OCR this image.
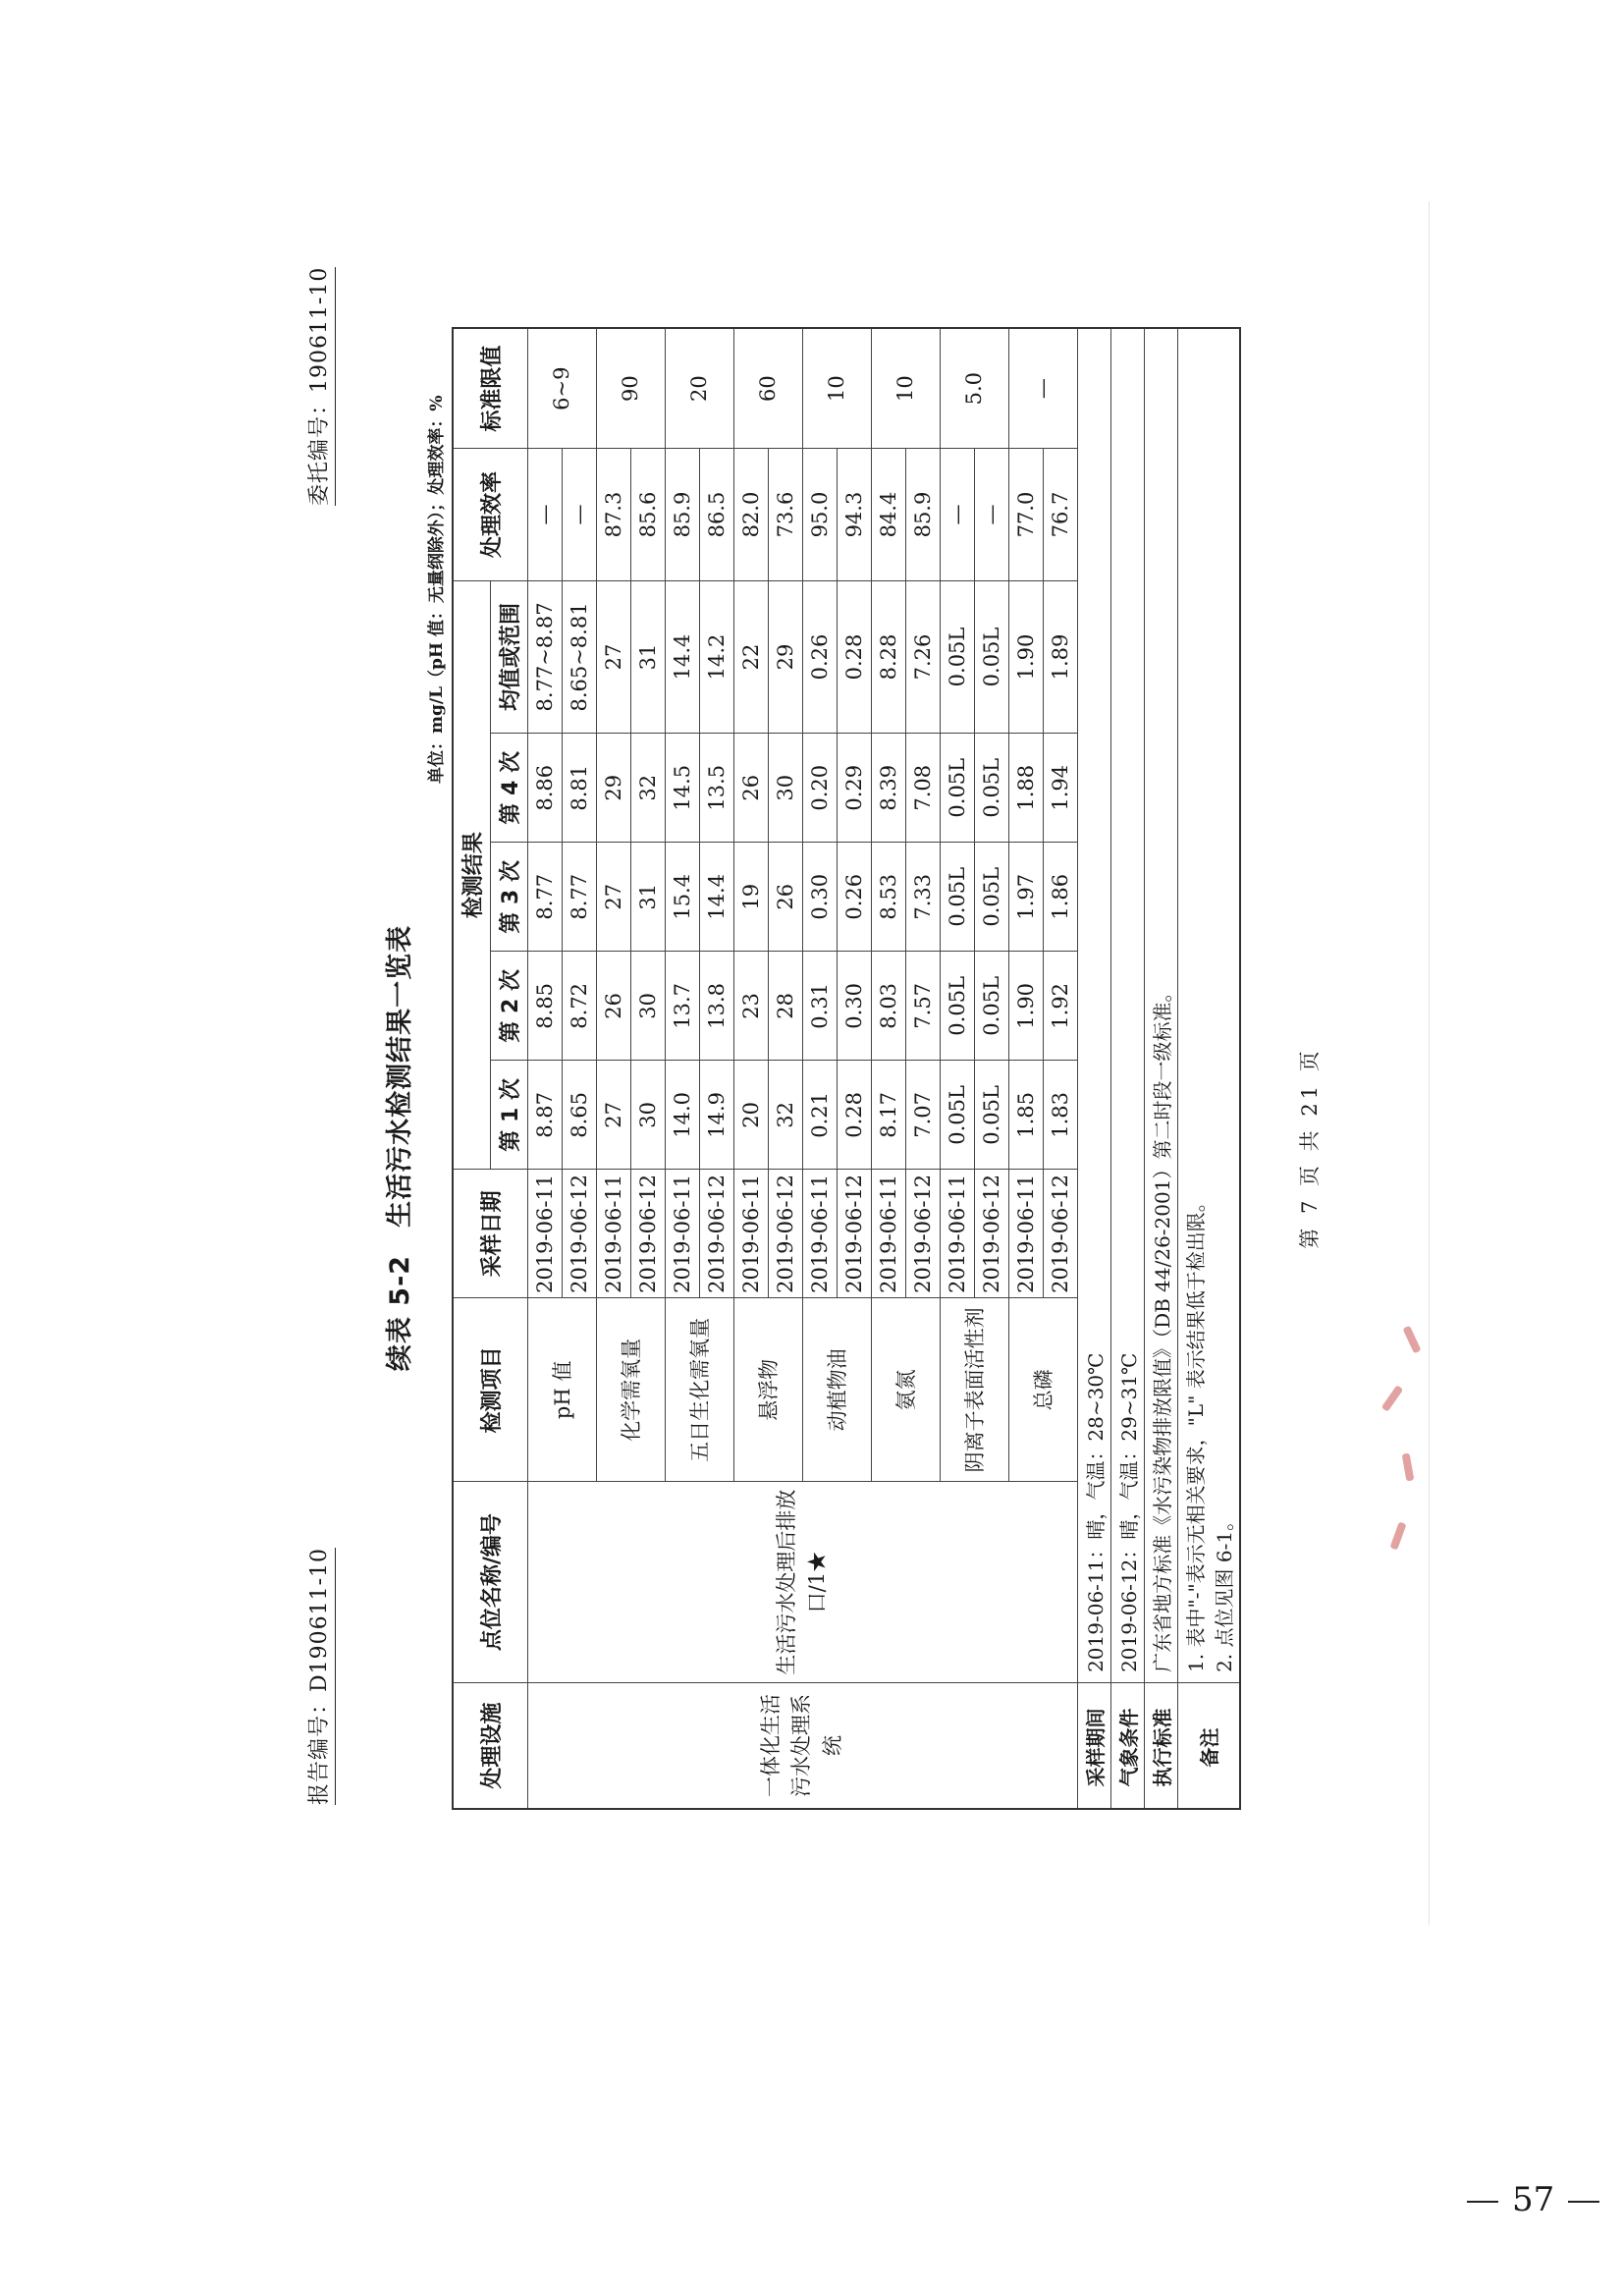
报告编号：D190611-10
委托编号：190611-10
续表 5-2　生活污水检测结果一览表
单位：mg/L（pH 值：无量纲除外）；处理效率：%
处理设施	点位名称/编号	检测项目	采样日期	检测结果					处理效率	标准限值
				第 1 次	第 2 次	第 3 次	第 4 次	均值或范围		
一体化生活污水处理系统	生活污水处理后排放口/1★	pH 值	2019-06-11	8.87	8.85	8.77	8.86	8.77~8.87	—	6~9
			2019-06-12	8.65	8.72	8.77	8.81	8.65~8.81	—	
		化学需氧量	2019-06-11	27	26	27	29	27	87.3	90
			2019-06-12	30	30	31	32	31	85.6	
		五日生化需氧量	2019-06-11	14.0	13.7	15.4	14.5	14.4	85.9	20
			2019-06-12	14.9	13.8	14.4	13.5	14.2	86.5	
		悬浮物	2019-06-11	20	23	19	26	22	82.0	60
			2019-06-12	32	28	26	30	29	73.6	
		动植物油	2019-06-11	0.21	0.31	0.30	0.20	0.26	95.0	10
			2019-06-12	0.28	0.30	0.26	0.29	0.28	94.3	
		氨氮	2019-06-11	8.17	8.03	8.53	8.39	8.28	84.4	10
			2019-06-12	7.07	7.57	7.33	7.08	7.26	85.9	
		阴离子表面活性剂	2019-06-11	0.05L	0.05L	0.05L	0.05L	0.05L	—	5.0
			2019-06-12	0.05L	0.05L	0.05L	0.05L	0.05L	—	
		总磷	2019-06-11	1.85	1.90	1.97	1.88	1.90	77.0	—
			2019-06-12	1.83	1.92	1.86	1.94	1.89	76.7	
采样期间	2019-06-11：晴，气温：28~30℃									
气象条件	2019-06-12：晴，气温：29~31℃									
执行标准	广东省地方标准《水污染物排放限值》（DB 44/26-2001）第二时段一级标准。									
备注	1. 表中"-"表示无相关要求，"L" 表示结果低于检出限。 2. 点位见图 6-1。									
第 7 页 共 21 页
57
